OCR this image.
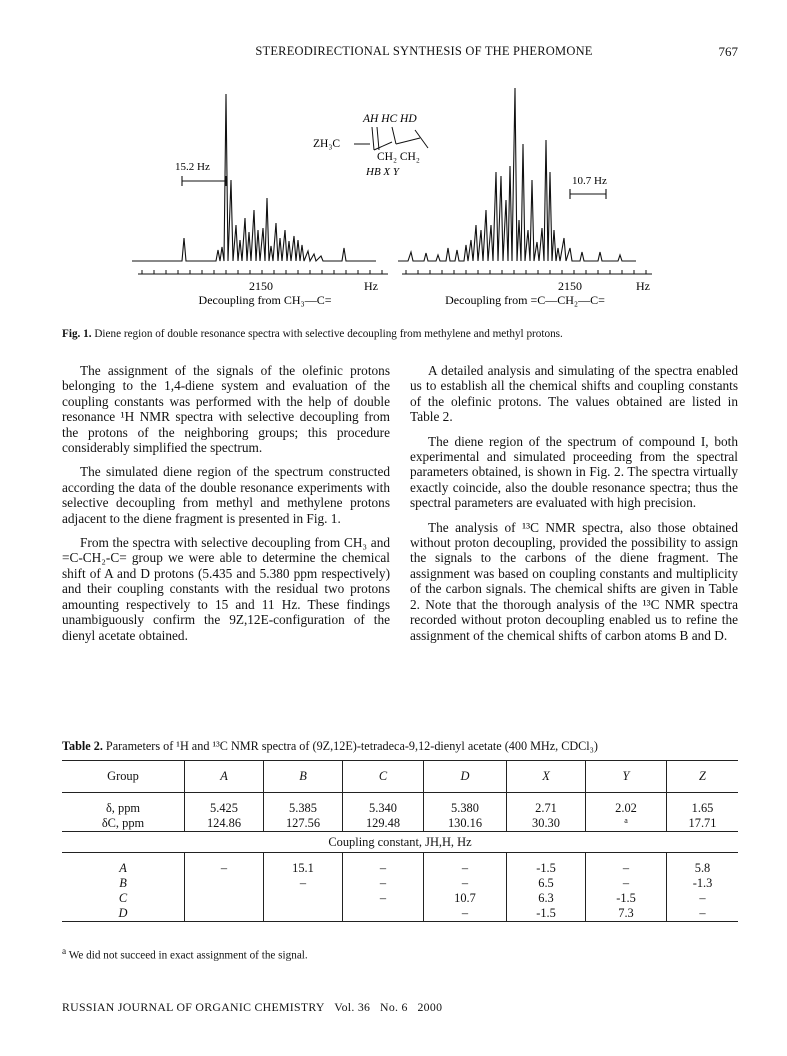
STEREODIRECTIONAL SYNTHESIS OF THE PHEROMONE	767
15.2 Hz
2150	Hz
Decoupling from CH₃—C=
10.7 Hz
2150	Hz
Decoupling from =C—CH₂—C=
AH HC HD
ZH₃C
CH₂ CH₂
HB X Y
Fig. 1. Diene region of double resonance spectra with selective decoupling from methylene and methyl protons.

The assignment of the signals of the olefinic protons belonging to the 1,4-diene system and evaluation of the coupling constants was performed with the help of double resonance ¹H NMR spectra with selective decoupling from the protons of the neighboring groups; this procedure considerably simplified the spectrum.

The simulated diene region of the spectrum constructed according the data of the double resonance experiments with selective decoupling from methyl and methylene protons adjacent to the diene fragment is presented in Fig. 1.

From the spectra with selective decoupling from CH₃ and =C-CH₂-C= group we were able to determine the chemical shift of A and D protons (5.435 and 5.380 ppm respectively) and their coupling constants with the residual two protons amounting respectively to 15 and 11 Hz. These findings unambiguously confirm the 9Z,12E-configuration of the dienyl acetate obtained.

A detailed analysis and simulating of the spectra enabled us to establish all the chemical shifts and coupling constants of the olefinic protons. The values obtained are listed in Table 2.

The diene region of the spectrum of compound I, both experimental and simulated proceeding from the spectral parameters obtained, is shown in Fig. 2. The spectra virtually exactly coincide, also the double resonance spectra; thus the spectral parameters are evaluated with high precision.

The analysis of ¹³C NMR spectra, also those obtained without proton decoupling, provided the possibility to assign the signals to the carbons of the diene fragment. The assignment was based on coupling constants and multiplicity of the carbon signals. The chemical shifts are given in Table 2. Note that the thorough analysis of the ¹³C NMR spectra recorded without proton decoupling enabled us to refine the assignment of the chemical shifts of carbon atoms B and D.

Table 2. Parameters of ¹H and ¹³C NMR spectra of (9Z,12E)-tetradeca-9,12-dienyl acetate (400 MHz, CDCl₃)
Group	A	B	C	D	X	Y	Z

δ, ppm	5.425	5.385	5.340	5.380	2.71	2.02	1.65
δC, ppm	124.86	127.56	129.48	130.16	30.30	a	17.71
Coupling constant, JH,H, Hz							

A	–	15.1	–	–	-1.5	–	5.8
B		–	–	–	6.5	–	-1.3
C			–	10.7	6.3	-1.5	–
D				–	-1.5	7.3	–
$^a$ We did not succeed in exact assignment of the signal.
RUSSIAN JOURNAL OF ORGANIC CHEMISTRY Vol. 36 No. 6 2000
